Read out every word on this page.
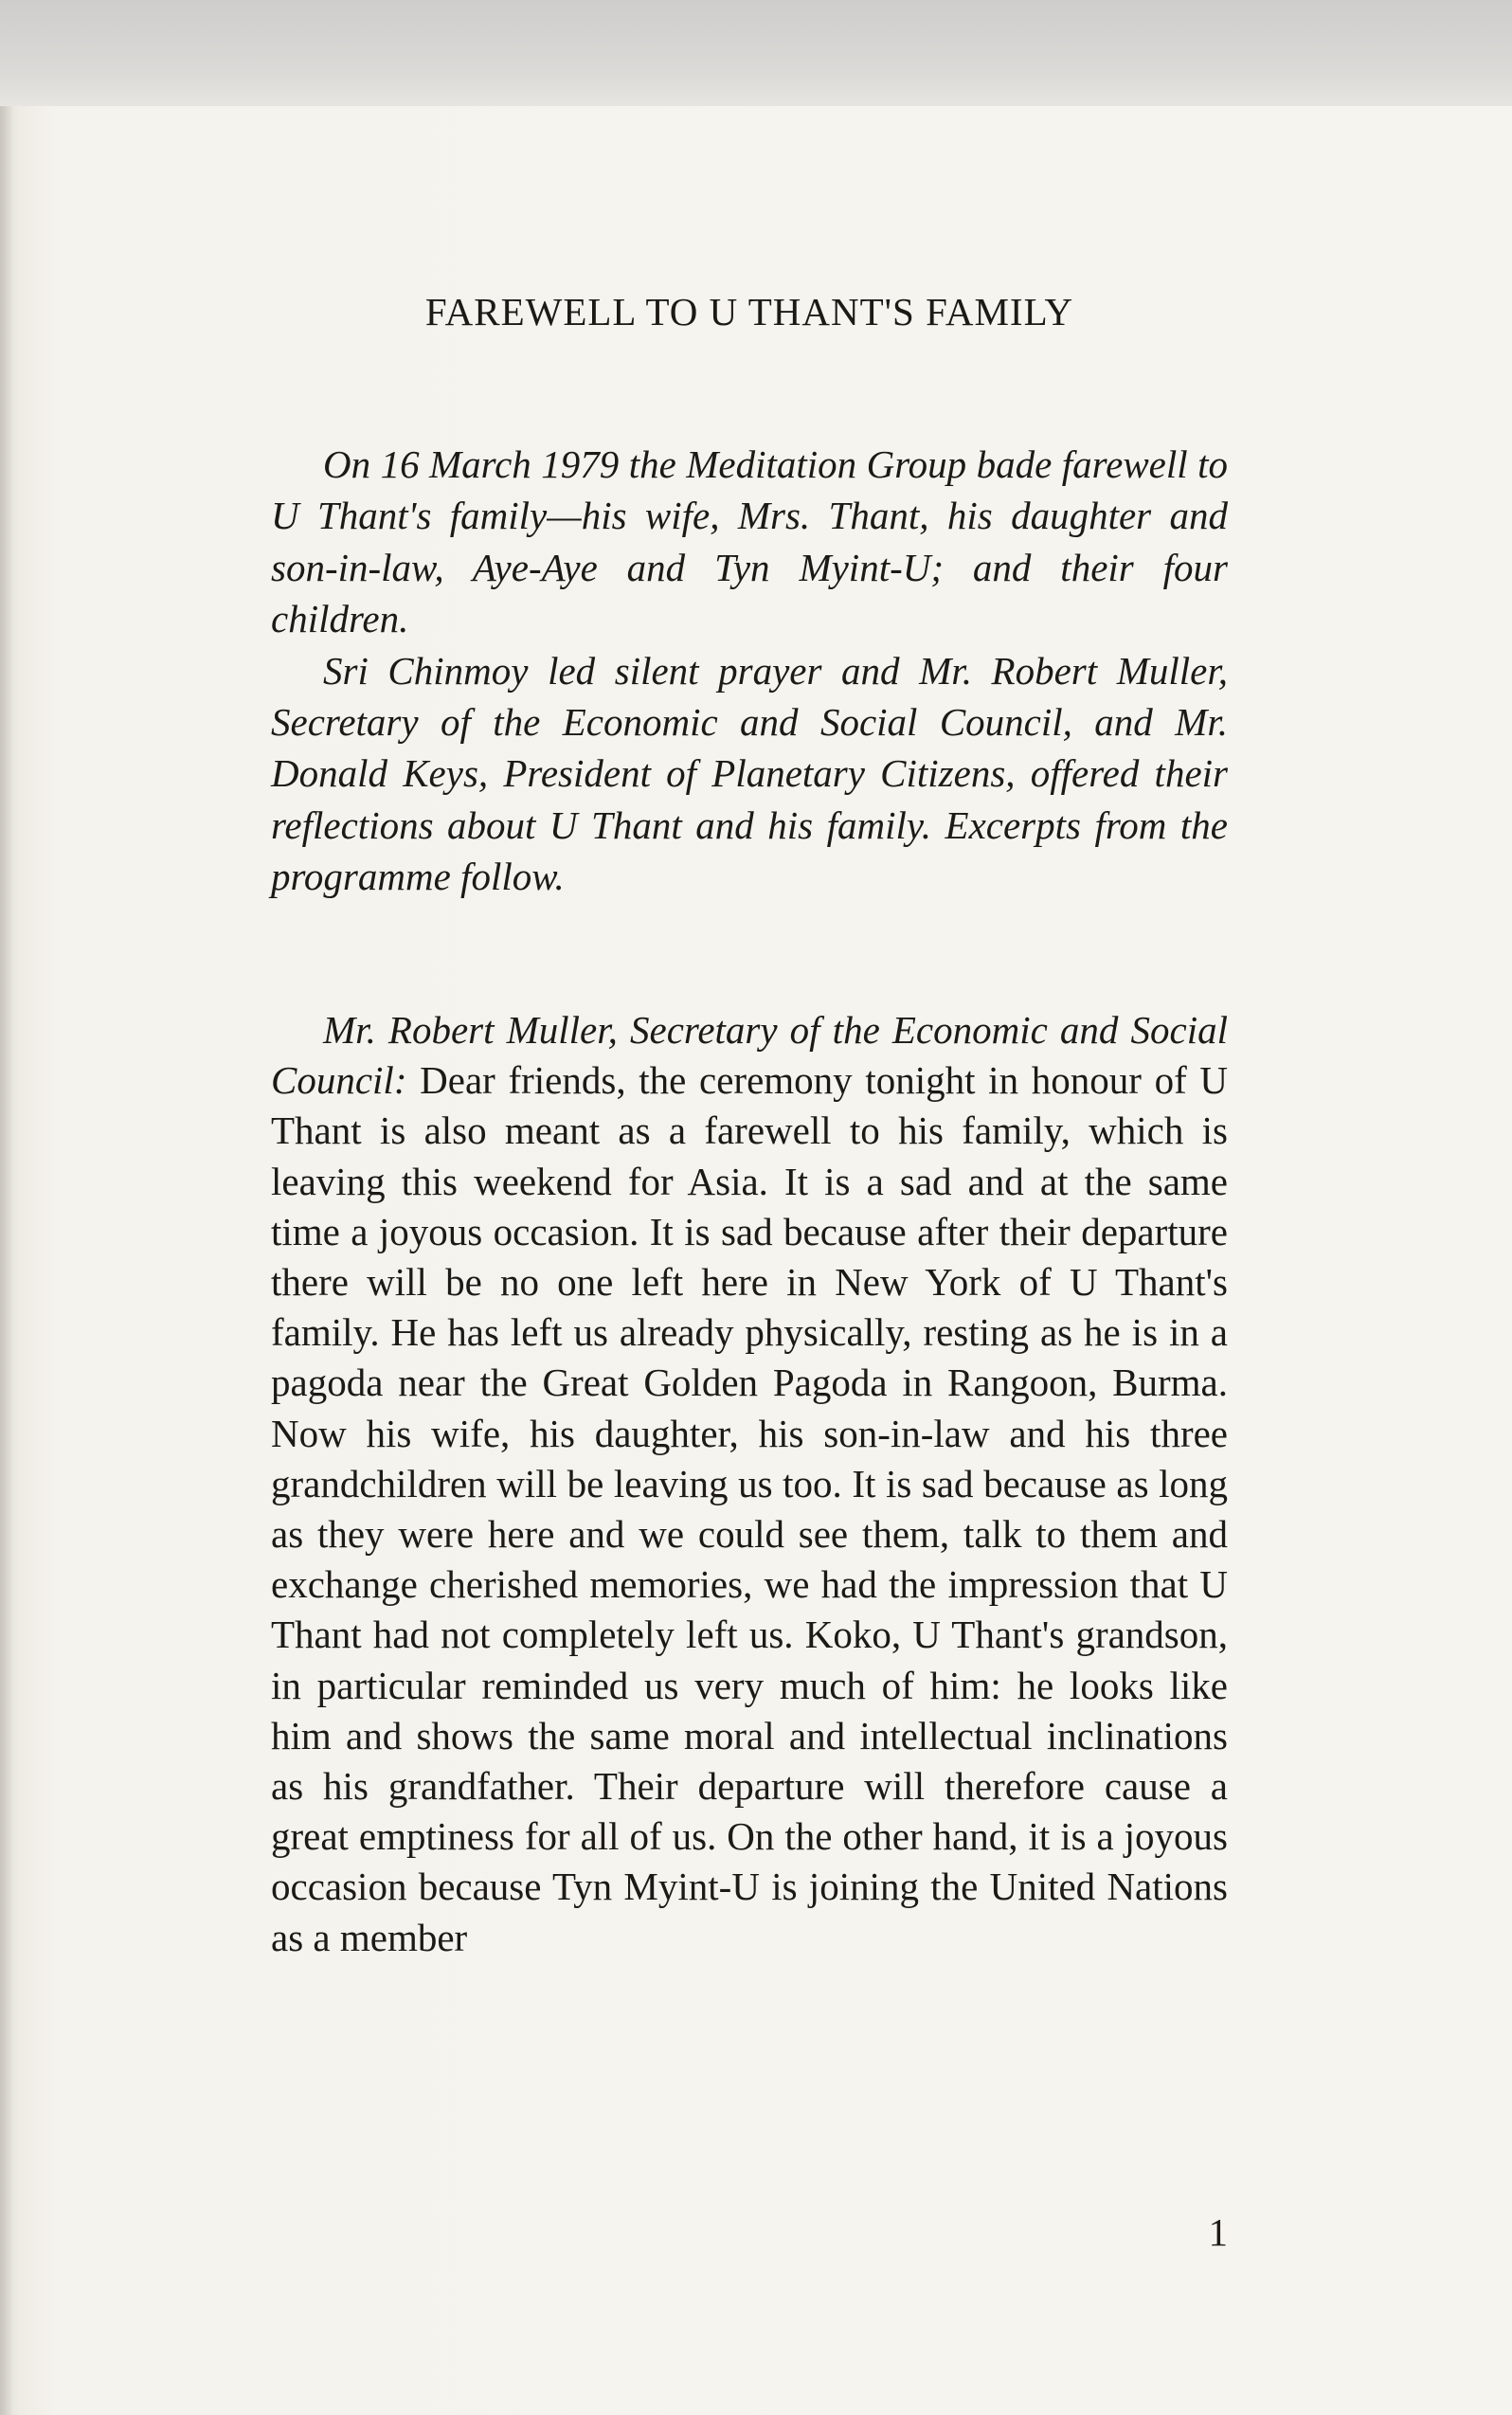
FAREWELL TO U THANT'S FAMILY

On 16 March 1979 the Meditation Group bade farewell to U Thant's family—his wife, Mrs. Thant, his daughter and son-in-law, Aye-Aye and Tyn Myint-U; and their four children.

Sri Chinmoy led silent prayer and Mr. Robert Muller, Secretary of the Economic and Social Council, and Mr. Donald Keys, President of Planetary Citizens, offered their reflections about U Thant and his family. Excerpts from the programme follow.

Mr. Robert Muller, Secretary of the Economic and Social Council: Dear friends, the ceremony tonight in honour of U Thant is also meant as a farewell to his family, which is leaving this weekend for Asia. It is a sad and at the same time a joyous occasion. It is sad because after their departure there will be no one left here in New York of U Thant's family. He has left us already physically, resting as he is in a pagoda near the Great Golden Pagoda in Rangoon, Burma. Now his wife, his daughter, his son-in-law and his three grandchildren will be leaving us too. It is sad because as long as they were here and we could see them, talk to them and exchange cherished memories, we had the impression that U Thant had not completely left us. Koko, U Thant's grandson, in particular reminded us very much of him: he looks like him and shows the same moral and intellectual inclinations as his grandfather. Their departure will therefore cause a great emptiness for all of us. On the other hand, it is a joyous occasion because Tyn Myint-U is joining the United Nations as a member

1
